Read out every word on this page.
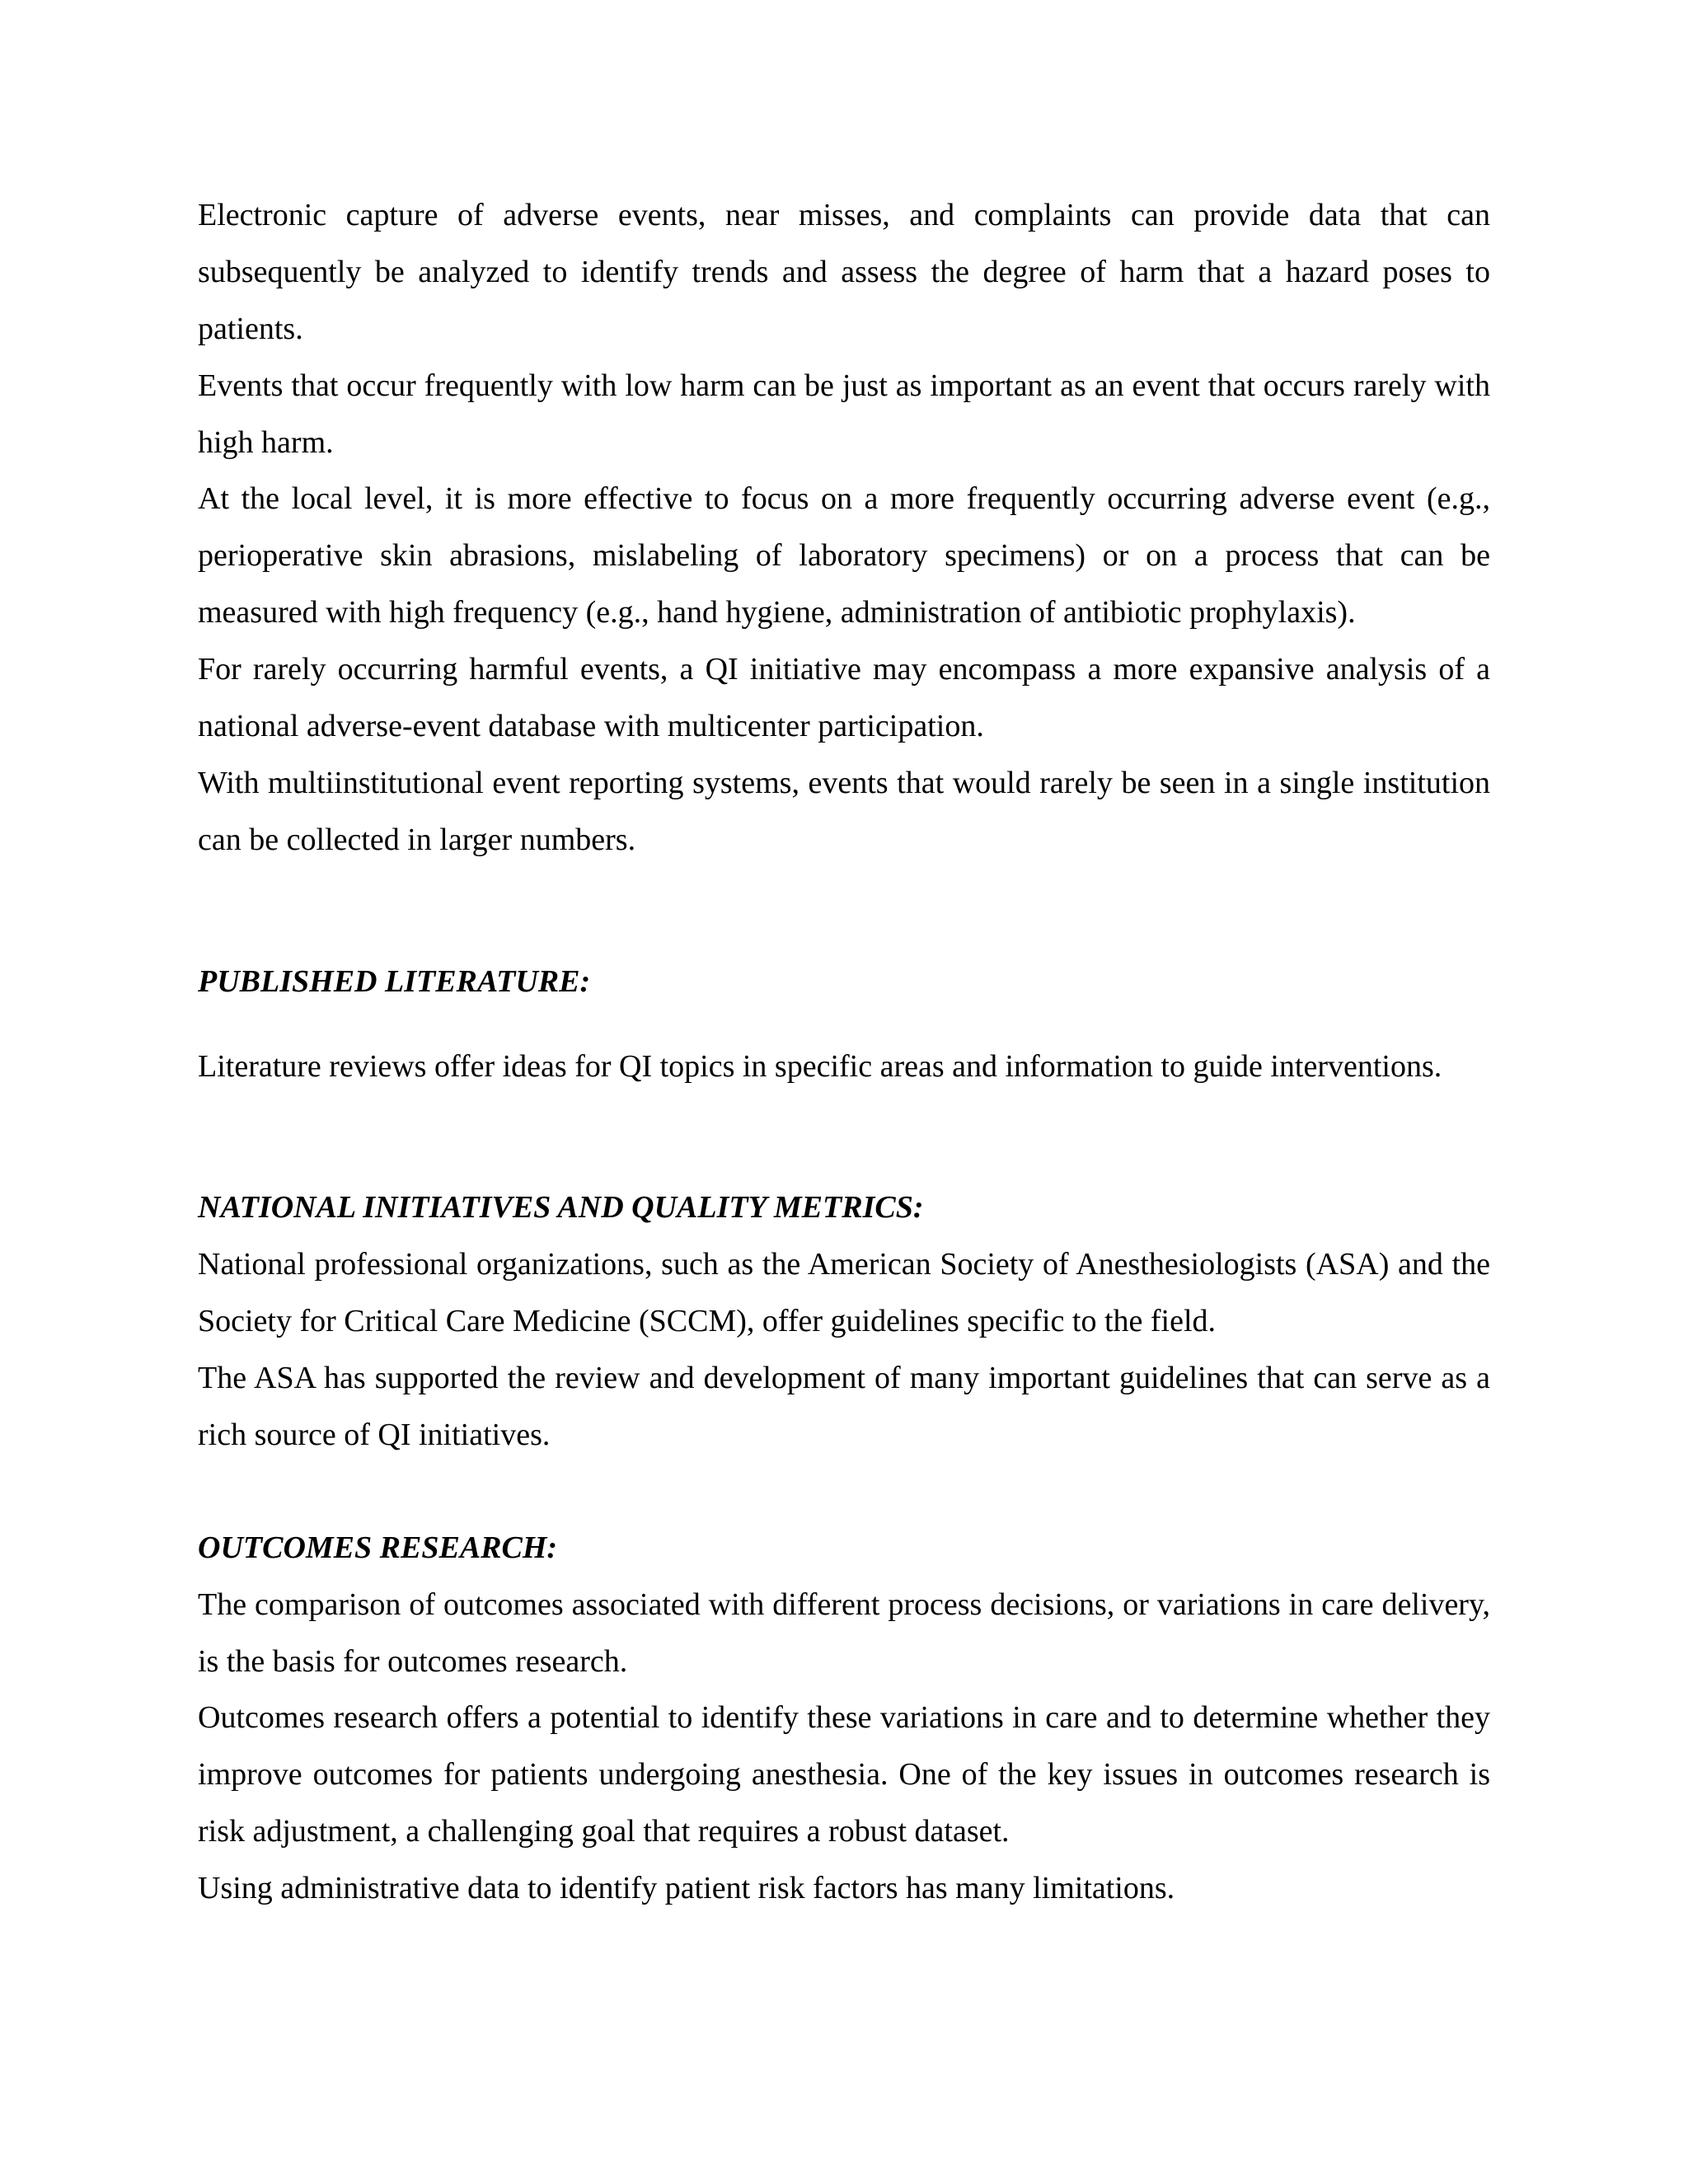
Electronic capture of adverse events, near misses, and complaints can provide data that can subsequently be analyzed to identify trends and assess the degree of harm that a hazard poses to patients.

Events that occur frequently with low harm can be just as important as an event that occurs rarely with high harm.

At the local level, it is more effective to focus on a more frequently occurring adverse event (e.g., perioperative skin abrasions, mislabeling of laboratory specimens) or on a process that can be measured with high frequency (e.g., hand hygiene, administration of antibiotic prophylaxis).

For rarely occurring harmful events, a QI initiative may encompass a more expansive analysis of a national adverse-event database with multicenter participation.

With multiinstitutional event reporting systems, events that would rarely be seen in a single institution can be collected in larger numbers.

PUBLISHED LITERATURE:

Literature reviews offer ideas for QI topics in specific areas and information to guide interventions.

NATIONAL INITIATIVES AND QUALITY METRICS:

National professional organizations, such as the American Society of Anesthesiologists (ASA) and the Society for Critical Care Medicine (SCCM), offer guidelines specific to the field.

The ASA has supported the review and development of many important guidelines that can serve as a rich source of QI initiatives.

OUTCOMES RESEARCH:

The comparison of outcomes associated with different process decisions, or variations in care delivery, is the basis for outcomes research.

Outcomes research offers a potential to identify these variations in care and to determine whether they improve outcomes for patients undergoing anesthesia. One of the key issues in outcomes research is risk adjustment, a challenging goal that requires a robust dataset.

Using administrative data to identify patient risk factors has many limitations.
